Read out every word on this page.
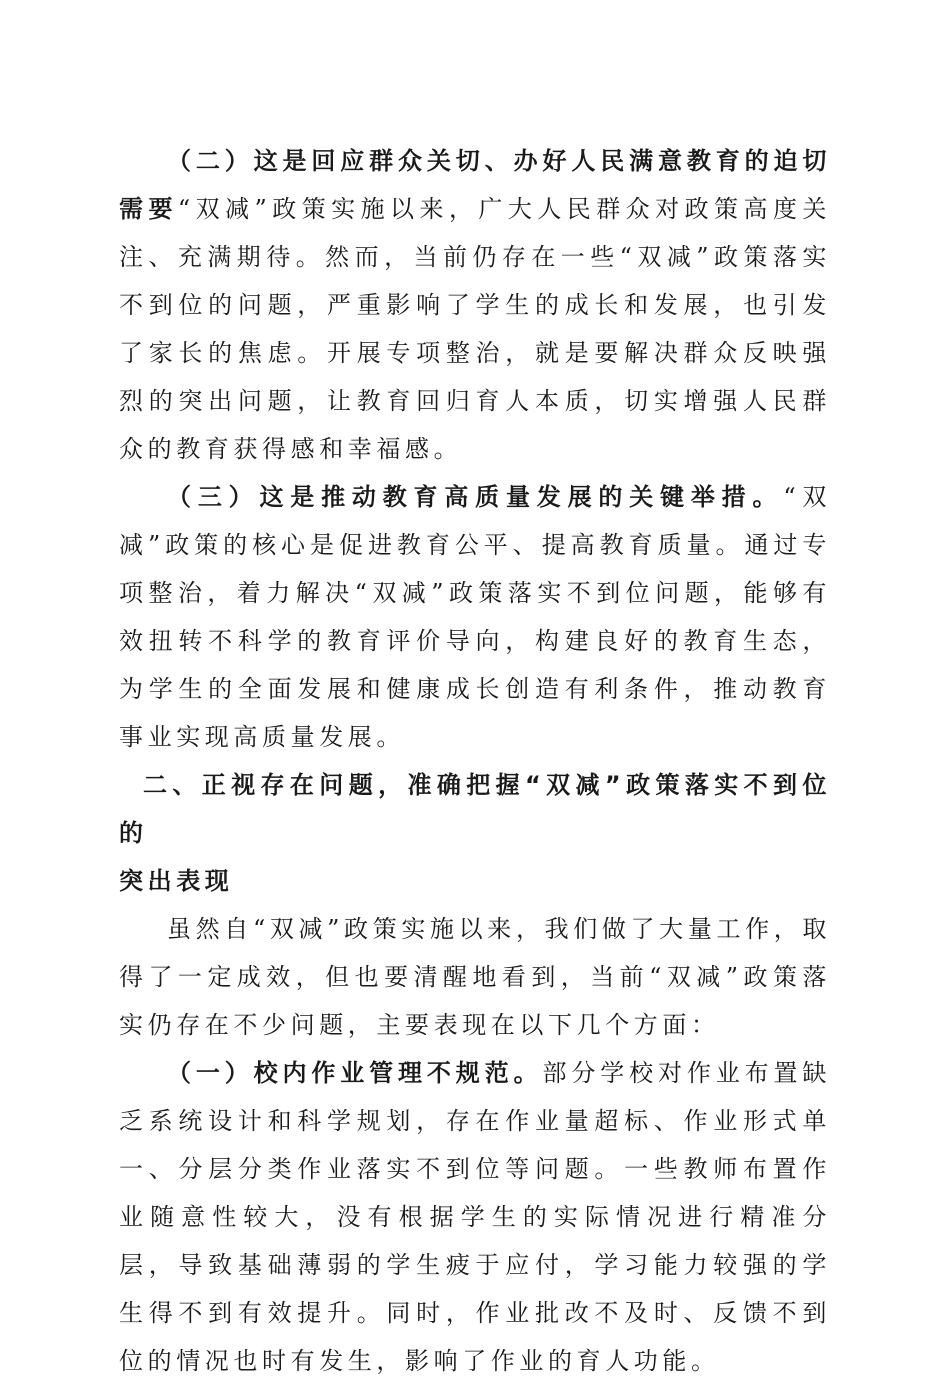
（二）这是回应群众关切、办好人民满意教育的迫切需要“双减”政策实施以来，广大人民群众对政策高度关注、充满期待。然而，当前仍存在一些“双减”政策落实不到位的问题，严重影响了学生的成长和发展，也引发了家长的焦虑。开展专项整治，就是要解决群众反映强烈的突出问题，让教育回归育人本质，切实增强人民群众的教育获得感和幸福感。

（三）这是推动教育高质量发展的关键举措。“双减”政策的核心是促进教育公平、提高教育质量。通过专项整治，着力解决“双减”政策落实不到位问题，能够有效扭转不科学的教育评价导向，构建良好的教育生态，为学生的全面发展和健康成长创造有利条件，推动教育事业实现高质量发展。

二、正视存在问题，准确把握“双减”政策落实不到位的
突出表现

虽然自“双减”政策实施以来，我们做了大量工作，取得了一定成效，但也要清醒地看到，当前“双减”政策落实仍存在不少问题，主要表现在以下几个方面：

（一）校内作业管理不规范。部分学校对作业布置缺乏系统设计和科学规划，存在作业量超标、作业形式单一、分层分类作业落实不到位等问题。一些教师布置作业随意性较大，没有根据学生的实际情况进行精准分层，导致基础薄弱的学生疲于应付，学习能力较强的学生得不到有效提升。同时，作业批改不及时、反馈不到位的情况也时有发生，影响了作业的育人功能。
